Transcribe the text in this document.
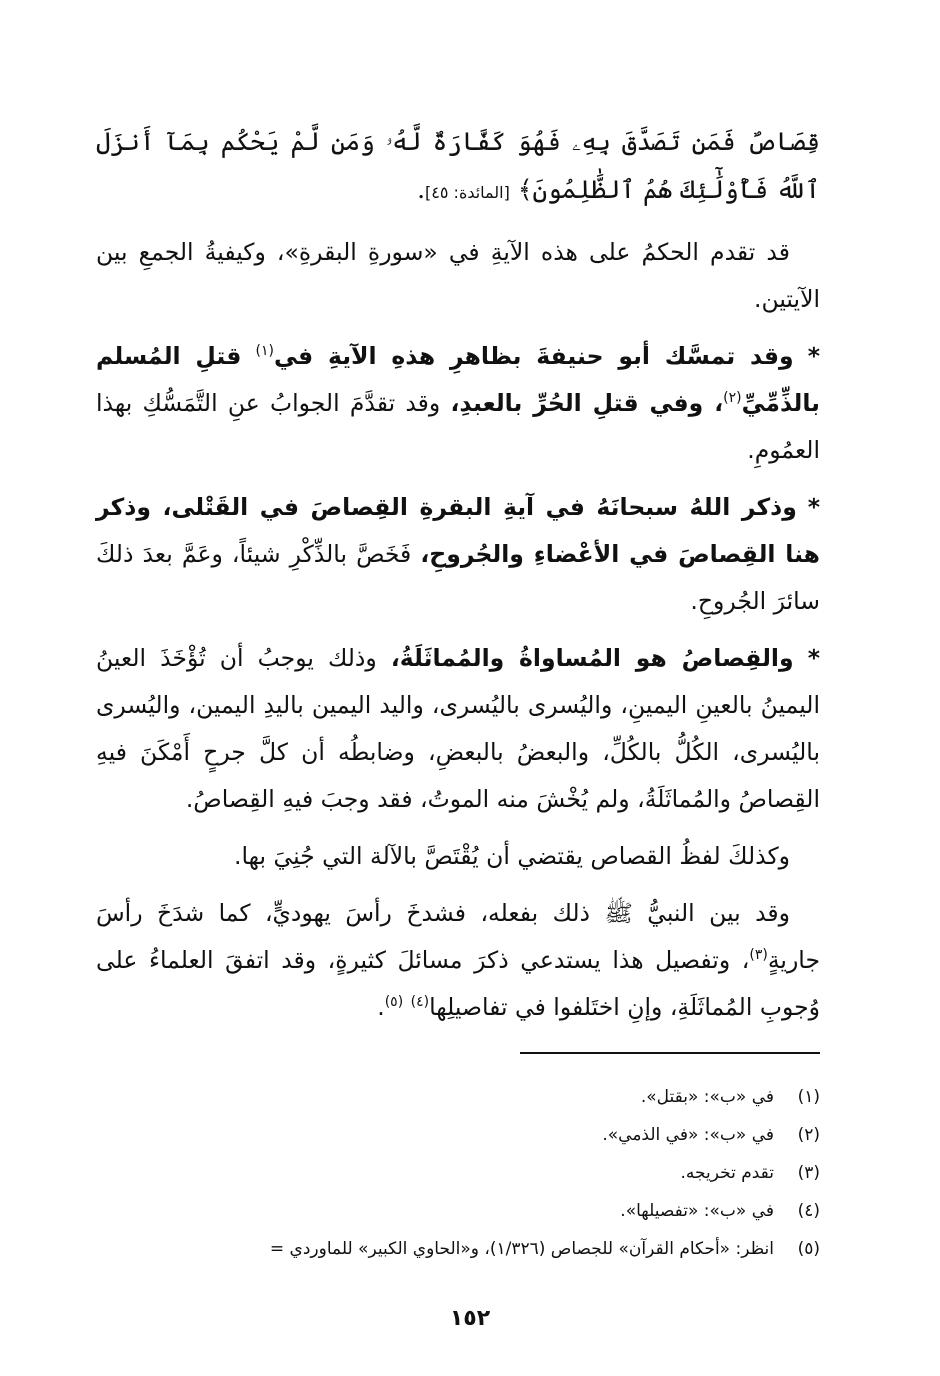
قِصَاصٌ فَمَن تَصَدَّقَ بِهِۦ فَهُوَ كَفَّارَةٌ لَّهُۥ وَمَن لَّمْ يَحْكُم بِمَآ أَنزَلَ ٱللَّهُ فَأُوْلَٰٓئِكَ هُمُ ٱلظَّٰلِمُونَ﴾ [المائدة: ٤٥].

قد تقدم الحكمُ على هذه الآيةِ في «سورةِ البقرةِ»، وكيفيةُ الجمعِ بين الآيتين.

* وقد تمسَّك أبو حنيفةَ بظاهرِ هذهِ الآيةِ في$^{(١)}$ قتلِ المُسلم بالذِّمِّيِّ$^{(٢)}$، وفي قتلِ الحُرِّ بالعبدِ، وقد تقدَّمَ الجوابُ عنِ التَّمَسُّكِ بهذا العمُومِ.

* وذكر اللهُ سبحانَهُ في آيةِ البقرةِ القِصاصَ في القَتْلى، وذكر هنا القِصاصَ في الأعْضاءِ والجُروحِ، فَخَصَّ بالذِّكْرِ شيئاً، وعَمَّ بعدَ ذلكَ سائرَ الجُروحِ.

* والقِصاصُ هو المُساواةُ والمُماثَلَةُ، وذلك يوجبُ أن تُؤْخَذَ العينُ اليمينُ بالعينِ اليمينِ، واليُسرى باليُسرى، واليد اليمين باليدِ اليمين، واليُسرى باليُسرى، الكُلُّ بالكُلِّ، والبعضُ بالبعضِ، وضابطُه أن كلَّ جرحٍ أَمْكَنَ فيهِ القِصاصُ والمُماثَلَةُ، ولم يُخْشَ منه الموتُ، فقد وجبَ فيهِ القِصاصُ.

وكذلكَ لفظُ القصاص يقتضي أن يُقْتَصَّ بالآلة التي جُنِيَ بها.

وقد بين النبيُّ ﷺ ذلك بفعله، فشدخَ رأسَ يهوديٍّ، كما شدَخَ رأسَ جاريةٍ$^{(٣)}$، وتفصيل هذا يستدعي ذكرَ مسائلَ كثيرةٍ، وقد اتفقَ العلماءُ على وُجوبِ المُماثَلَةِ، وإنِ اختَلفوا في تفاصيلِها$^{(٤)}$ $^{(٥)}$.

(١)
في «ب»: «بقتل».
(٢)
في «ب»: «في الذمي».
(٣)
تقدم تخريجه.
(٤)
في «ب»: «تفصيلها».
(٥)
انظر: «أحكام القرآن» للجصاص (١/٣٢٦)، و«الحاوي الكبير» للماوردي =
١٥٢
